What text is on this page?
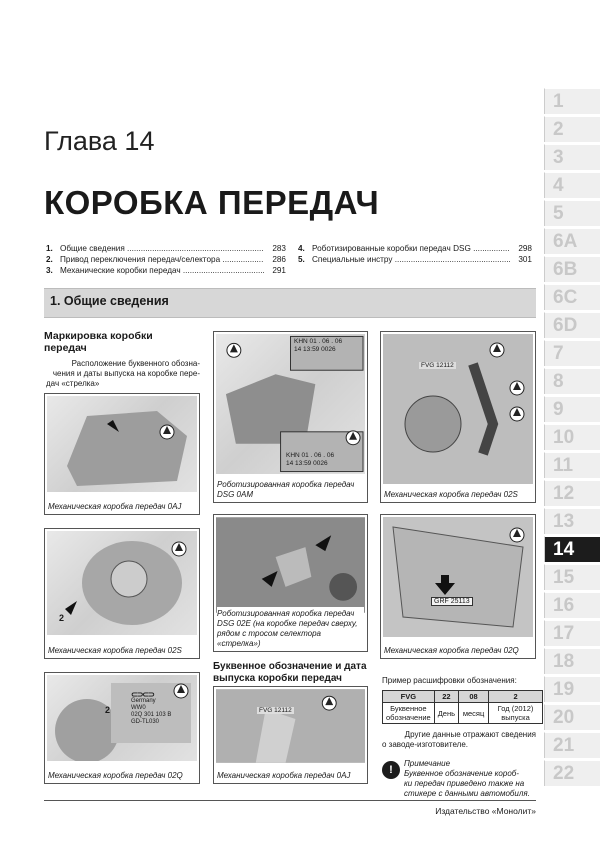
Глава 14
КОРОБКА ПЕРЕДАЧ
1. Общие сведения .....	283
2. Привод переключения передач/селектора .....	286
3. Механические коробки передач .....	291
4. Роботизированные коробки передач DSG .....	298
5. Специальные инстру .....	301
1. Общие сведения
Маркировка коробки
передач
Расположение буквенного обозна-
чения и даты выпуска на коробке пере-
дач «стрелка»
Механическая коробка передач 0AJ
2
Механическая коробка передач 02S
⊂⊃⊂⊃
Germany
WW0
02Q 301 103 B
GD-TL030
2
Механическая коробка передач 02Q
KHN 01 . 06 . 06
14 13:59 0026
KHN 01 . 06 . 06
14 13:59 0026
Роботизированная коробка передач
DSG 0AM
Роботизированная коробка передач
DSG 02E (на коробке передач сверху,
рядом с тросом селектора «стрелка»)
Буквенное обозначение и дата
выпуска коробки передач
FVG 12112
Механическая коробка передач 0AJ
FVG 12112
Механическая коробка передач 02S
GRF 25113
Механическая коробка передач 02Q
Пример расшифровки обозначения:
FVG	22	08	2
Буквенное обозначение	День	месяц	Год (2012) выпуска
Другие данные отражают сведения
о заводе-изготовителе.
!
Примечание
Буквенное обозначение короб-
ки передач приведено также на
стикере с данными автомобиля.
Издательство «Монолит»
1
2
3
4
5
6A
6B
6C
6D
7
8
9
10
11
12
13
14
15
16
17
18
19
20
21
22
